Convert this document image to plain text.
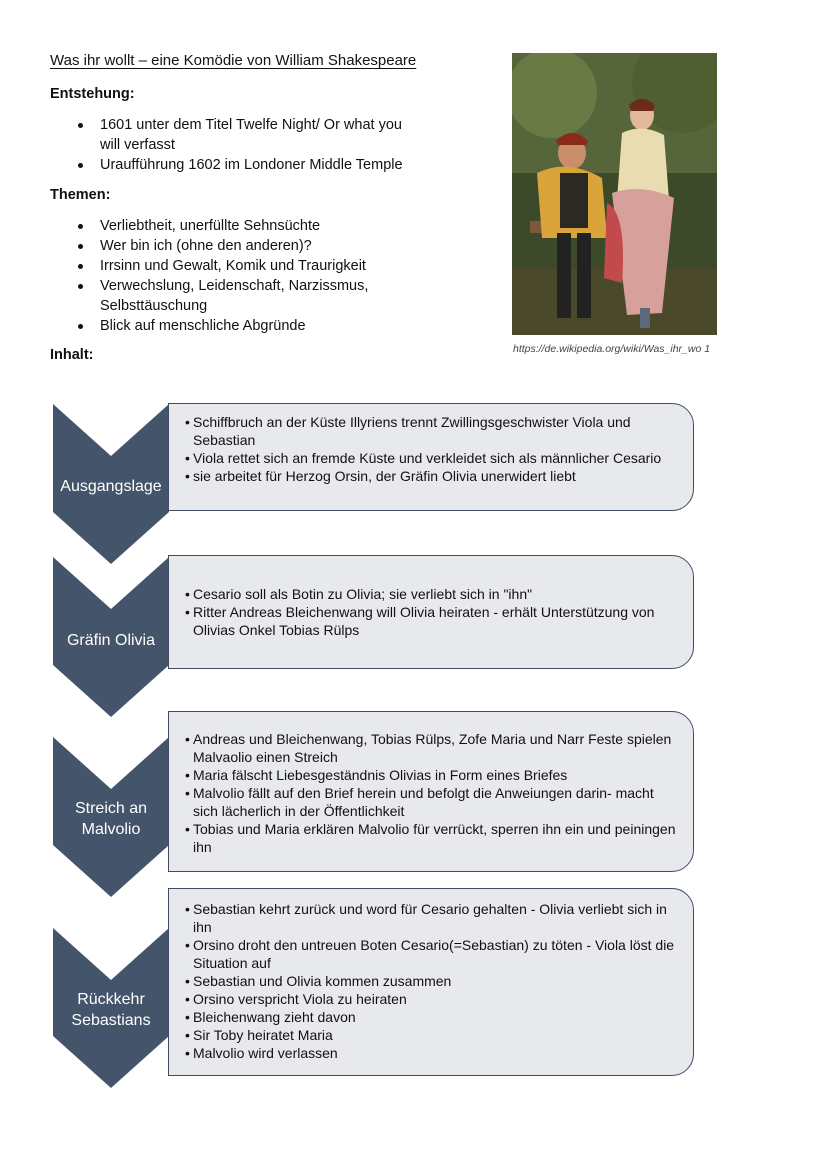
Was ihr wollt – eine Komödie von William Shakespeare
Entstehung:
1601 unter dem Titel Twelfe Night/ Or what you will verfasst
Uraufführung 1602 im Londoner Middle Temple
Themen:
Verliebtheit, unerfüllte Sehnsüchte
Wer bin ich (ohne den anderen)?
Irrsinn und Gewalt, Komik und Traurigkeit
Verwechslung, Leidenschaft, Narzissmus, Selbsttäuschung
Blick auf menschliche Abgründe
Inhalt:	https://de.wikipedia.org/wiki/Was_ihr_wo 1
Ausgangslage
• Schiffbruch an der Küste Illyriens trennt Zwillingsgeschwister Viola und Sebastian
• Viola rettet sich an fremde Küste und verkleidet sich als männlicher Cesario
• sie arbeitet für Herzog Orsin, der Gräfin Olivia unerwidert liebt
Gräfin Olivia
• Cesario soll als Botin zu Olivia; sie verliebt sich in "ihn"
• Ritter Andreas Bleichenwang will Olivia heiraten - erhält Unterstützung von Olivias Onkel Tobias Rülps
Streich an
Malvolio
• Andreas und Bleichenwang, Tobias Rülps, Zofe Maria und Narr Feste spielen Malvaolio einen Streich
• Maria fälscht Liebesgeständnis Olivias in Form eines Briefes
• Malvolio fällt auf den Brief herein und befolgt die Anweiungen darin- macht sich lächerlich in der Öffentlichkeit
• Tobias und Maria erklären Malvolio für verrückt, sperren ihn ein und peiningen ihn
Rückkehr
Sebastians
• Sebastian kehrt zurück und word für Cesario gehalten - Olivia verliebt sich in ihn
• Orsino droht den untreuen Boten Cesario(=Sebastian) zu töten - Viola löst die Situation auf
• Sebastian und Olivia kommen zusammen
• Orsino verspricht Viola zu heiraten
• Bleichenwang zieht davon
• Sir Toby heiratet Maria
• Malvolio wird verlassen
